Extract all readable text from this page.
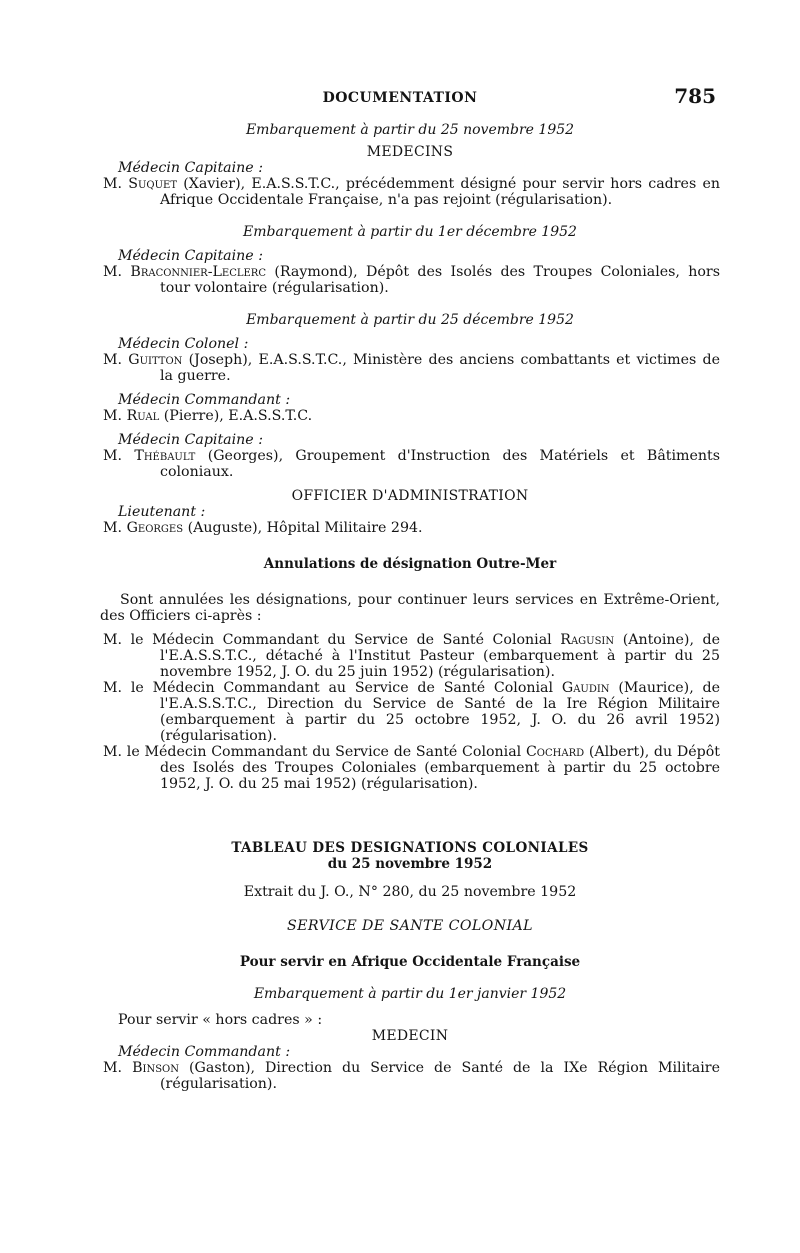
DOCUMENTATION	785
Embarquement à partir du 25 novembre 1952
MEDECINS
Médecin Capitaine :
M. Suquet (Xavier), E.A.S.S.T.C., précédemment désigné pour servir hors cadres en Afrique Occidentale Française, n'a pas rejoint (régularisation).
Embarquement à partir du 1er décembre 1952
Médecin Capitaine :
M. Braconnier-Leclerc (Raymond), Dépôt des Isolés des Troupes Coloniales, hors tour volontaire (régularisation).
Embarquement à partir du 25 décembre 1952
Médecin Colonel :
M. Guitton (Joseph), E.A.S.S.T.C., Ministère des anciens combattants et victimes de la guerre.
Médecin Commandant :
M. Rual (Pierre), E.A.S.S.T.C.
Médecin Capitaine :
M. Thébault (Georges), Groupement d'Instruction des Matériels et Bâtiments coloniaux.
OFFICIER D'ADMINISTRATION
Lieutenant :
M. Georges (Auguste), Hôpital Militaire 294.
Annulations de désignation Outre-Mer
Sont annulées les désignations, pour continuer leurs services en Extrême-Orient, des Officiers ci-après :
M. le Médecin Commandant du Service de Santé Colonial Ragusin (Antoine), de l'E.A.S.S.T.C., détaché à l'Institut Pasteur (embarquement à partir du 25 novembre 1952, J. O. du 25 juin 1952) (régularisation).
M. le Médecin Commandant au Service de Santé Colonial Gaudin (Maurice), de l'E.A.S.S.T.C., Direction du Service de Santé de la Ire Région Militaire (embarquement à partir du 25 octobre 1952, J. O. du 26 avril 1952) (régularisation).
M. le Médecin Commandant du Service de Santé Colonial Cochard (Albert), du Dépôt des Isolés des Troupes Coloniales (embarquement à partir du 25 octobre 1952, J. O. du 25 mai 1952) (régularisation).
TABLEAU DES DESIGNATIONS COLONIALES
du 25 novembre 1952
Extrait du J. O., N° 280, du 25 novembre 1952
SERVICE DE SANTE COLONIAL
Pour servir en Afrique Occidentale Française
Embarquement à partir du 1er janvier 1952
Pour servir « hors cadres » :
MEDECIN
Médecin Commandant :
M. Binson (Gaston), Direction du Service de Santé de la IXe Région Militaire (régularisation).
